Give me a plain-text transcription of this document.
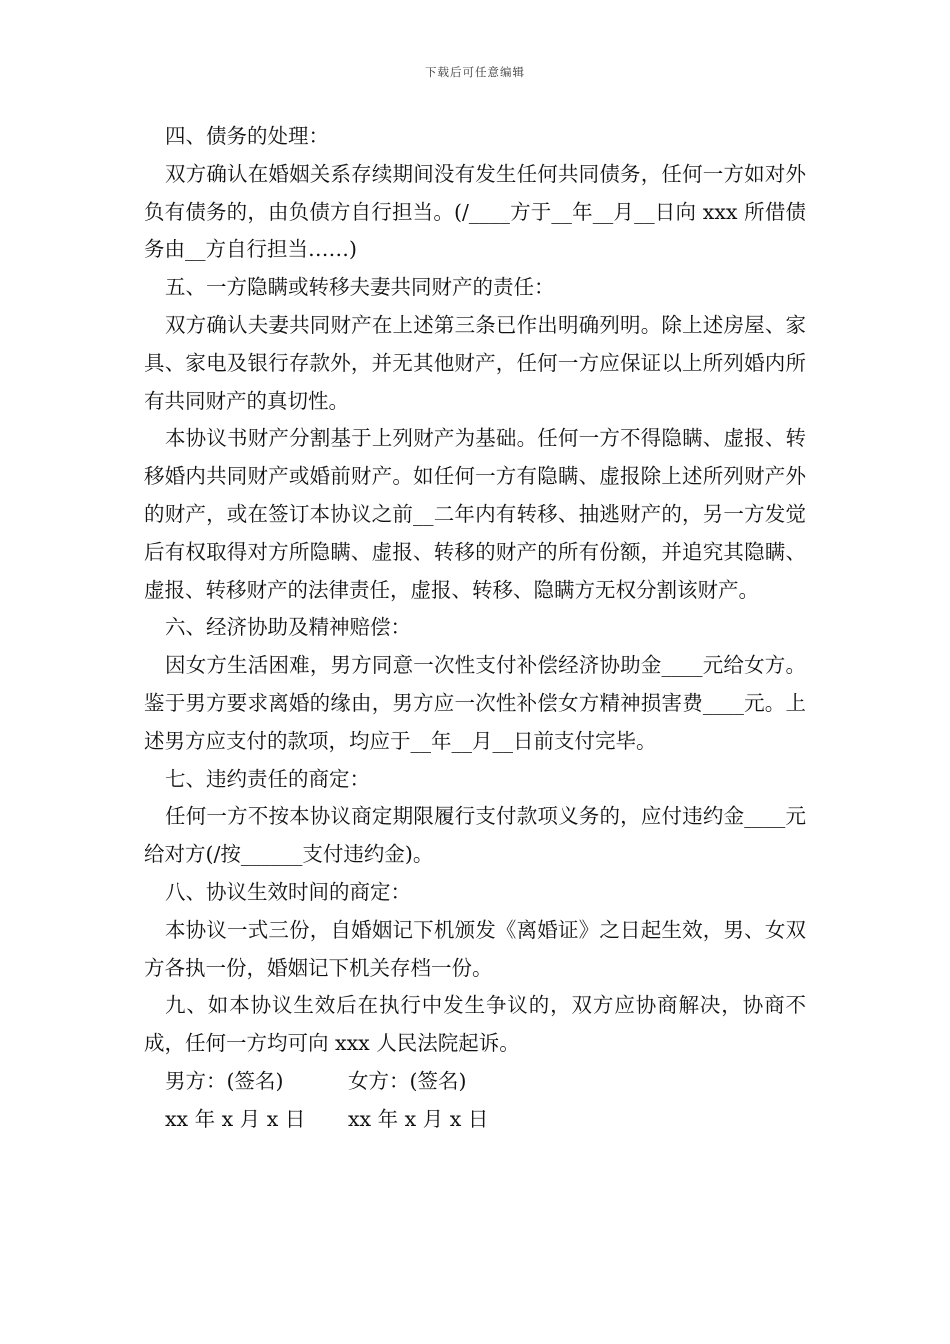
下载后可任意编辑

四、债务的处理：

双方确认在婚姻关系存续期间没有发生任何共同债务，任何一方如对外负有债务的，由负债方自行担当。(/____方于__年__月__日向 xxx 所借债务由__方自行担当……)

五、一方隐瞒或转移夫妻共同财产的责任：

双方确认夫妻共同财产在上述第三条已作出明确列明。除上述房屋、家具、家电及银行存款外，并无其他财产，任何一方应保证以上所列婚内所有共同财产的真切性。

本协议书财产分割基于上列财产为基础。任何一方不得隐瞒、虚报、转移婚内共同财产或婚前财产。如任何一方有隐瞒、虚报除上述所列财产外的财产，或在签订本协议之前__二年内有转移、抽逃财产的，另一方发觉后有权取得对方所隐瞒、虚报、转移的财产的所有份额，并追究其隐瞒、虚报、转移财产的法律责任，虚报、转移、隐瞒方无权分割该财产。

六、经济协助及精神赔偿：

因女方生活困难，男方同意一次性支付补偿经济协助金____元给女方。鉴于男方要求离婚的缘由，男方应一次性补偿女方精神损害费____元。上述男方应支付的款项，均应于__年__月__日前支付完毕。

七、违约责任的商定：

任何一方不按本协议商定期限履行支付款项义务的，应付违约金____元给对方(/按______支付违约金)。

八、协议生效时间的商定：

本协议一式三份，自婚姻记下机颁发《离婚证》之日起生效，男、女双方各执一份，婚姻记下机关存档一份。

九、如本协议生效后在执行中发生争议的，双方应协商解决，协商不成，任何一方均可向 xxx 人民法院起诉。

男方：(签名)	女方：(签名)
xx 年 x 月 x 日	xx 年 x 月 x 日
